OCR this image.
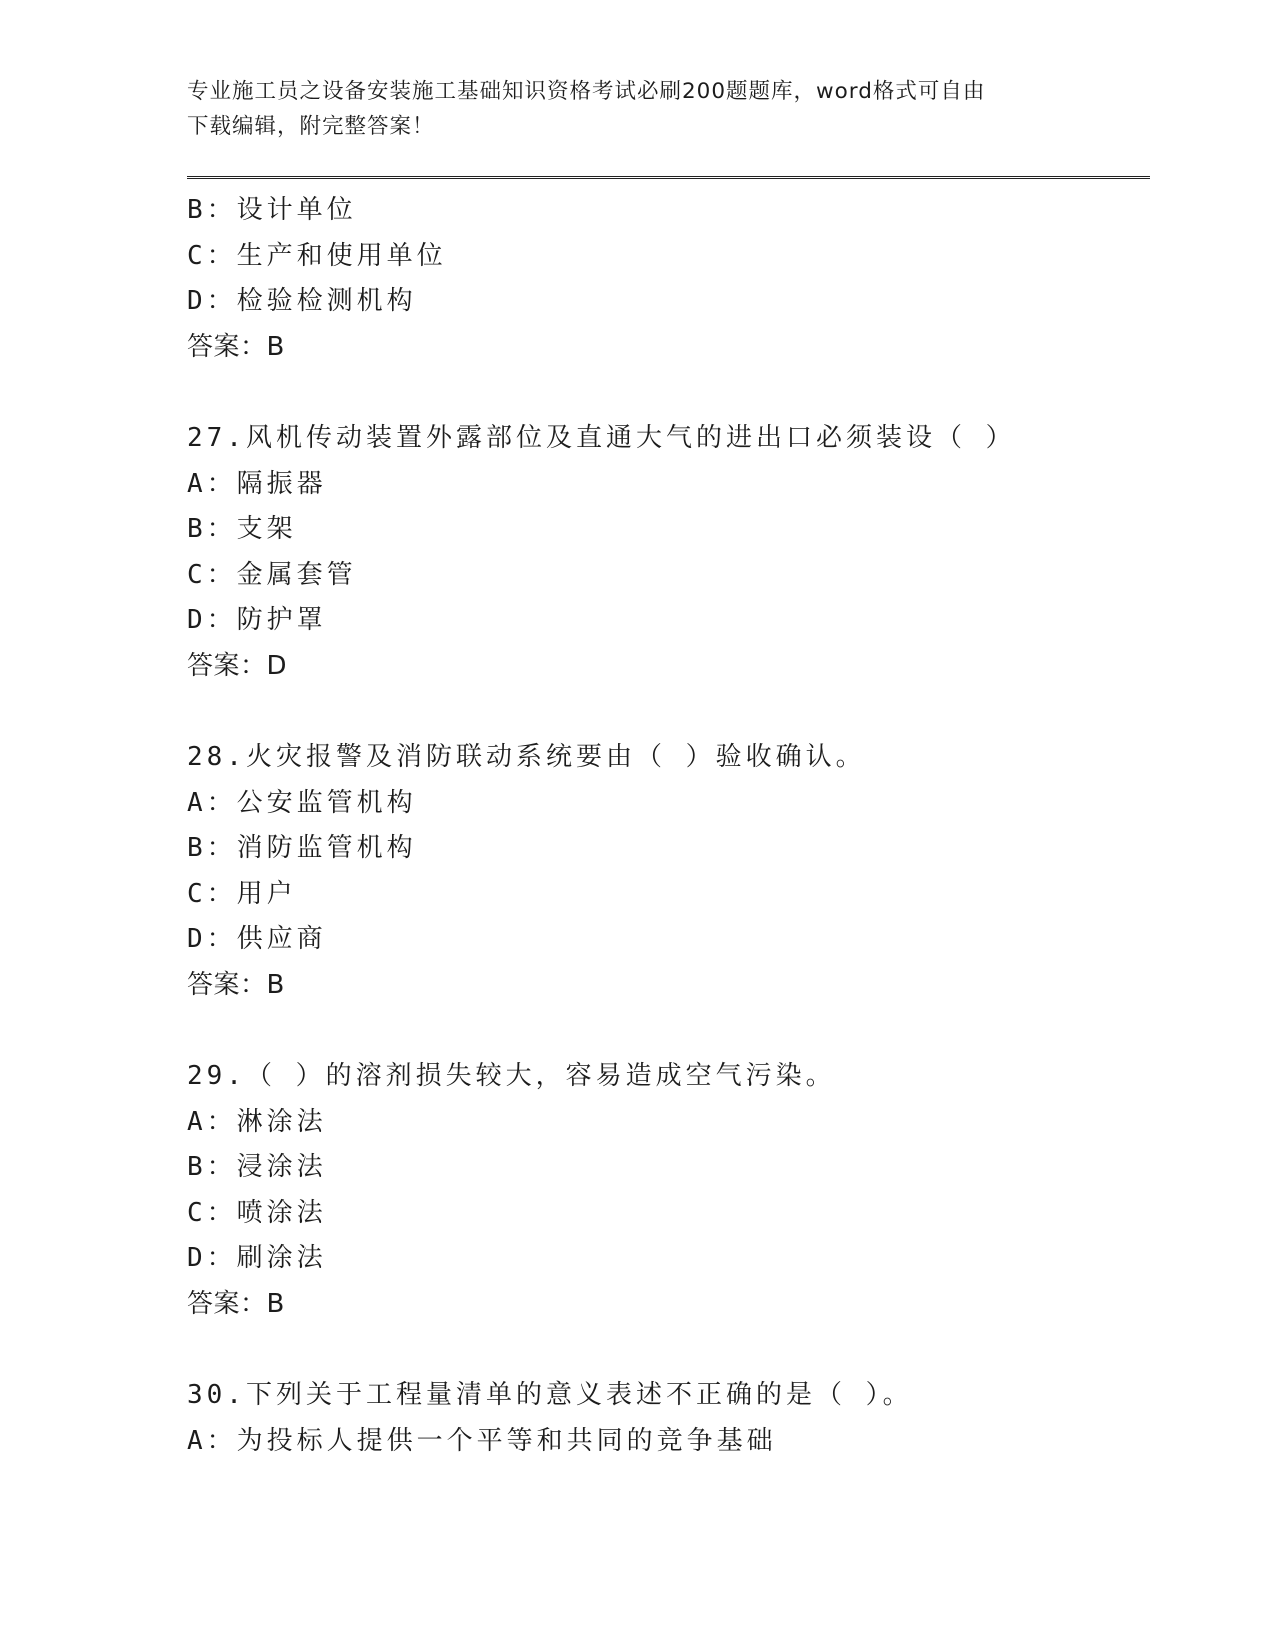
专业施工员之设备安装施工基础知识资格考试必刷200题题库，word格式可自由
下载编辑，附完整答案！
B：设计单位
C：生产和使用单位
D：检验检测机构
答案：B
27.风机传动装置外露部位及直通大气的进出口必须装设（ ）
A：隔振器
B：支架
C：金属套管
D：防护罩
答案：D
28.火灾报警及消防联动系统要由（ ）验收确认。
A：公安监管机构
B：消防监管机构
C：用户
D：供应商
答案：B
29.（ ）的溶剂损失较大，容易造成空气污染。
A：淋涂法
B：浸涂法
C：喷涂法
D：刷涂法
答案：B
30.下列关于工程量清单的意义表述不正确的是（ ）。
A：为投标人提供一个平等和共同的竞争基础
